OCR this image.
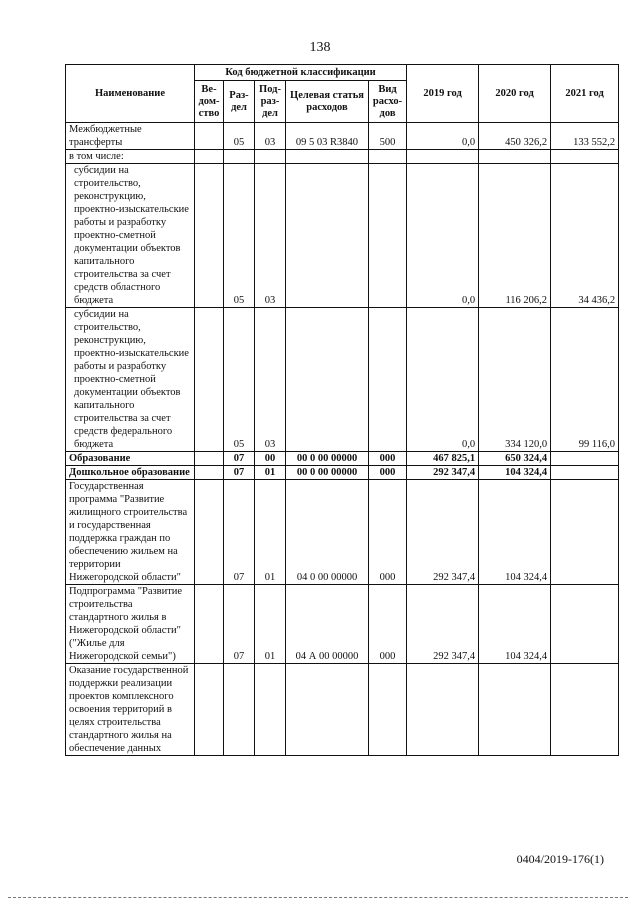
138
Наименование	Код бюджетной классификации					2019 год	2020 год	2021 год
	Ве-дом-ство	Раз-дел	Под-раз-дел	Целевая статья расходов	Вид расхо-дов			
Межбюджетные трансферты		05	03	09 5 03 R3840	500	0,0	450 326,2	133 552,2
в том числе:								
субсидии на строительство, реконструкцию, проектно-изыскательские работы и разработку проектно-сметной документации объектов капитального строительства за счет средств областного бюджета		05	03			0,0	116 206,2	34 436,2
субсидии на строительство, реконструкцию, проектно-изыскательские работы и разработку проектно-сметной документации объектов капитального строительства за счет средств федерального бюджета		05	03			0,0	334 120,0	99 116,0
Образование		07	00	00 0 00 00000	000	467 825,1	650 324,4	
Дошкольное образование		07	01	00 0 00 00000	000	292 347,4	104 324,4	
Государственная программа "Развитие жилищного строительства и государственная поддержка граждан по обеспечению жильем на территории Нижегородской области"		07	01	04 0 00 00000	000	292 347,4	104 324,4	
Подпрограмма "Развитие строительства стандартного жилья в Нижегородской области" ("Жилье для Нижегородской семьи")		07	01	04 А 00 00000	000	292 347,4	104 324,4	
Оказание государственной поддержки реализации проектов комплексного освоения территорий в целях строительства стандартного жилья на обеспечение данных								
0404/2019-176(1)
